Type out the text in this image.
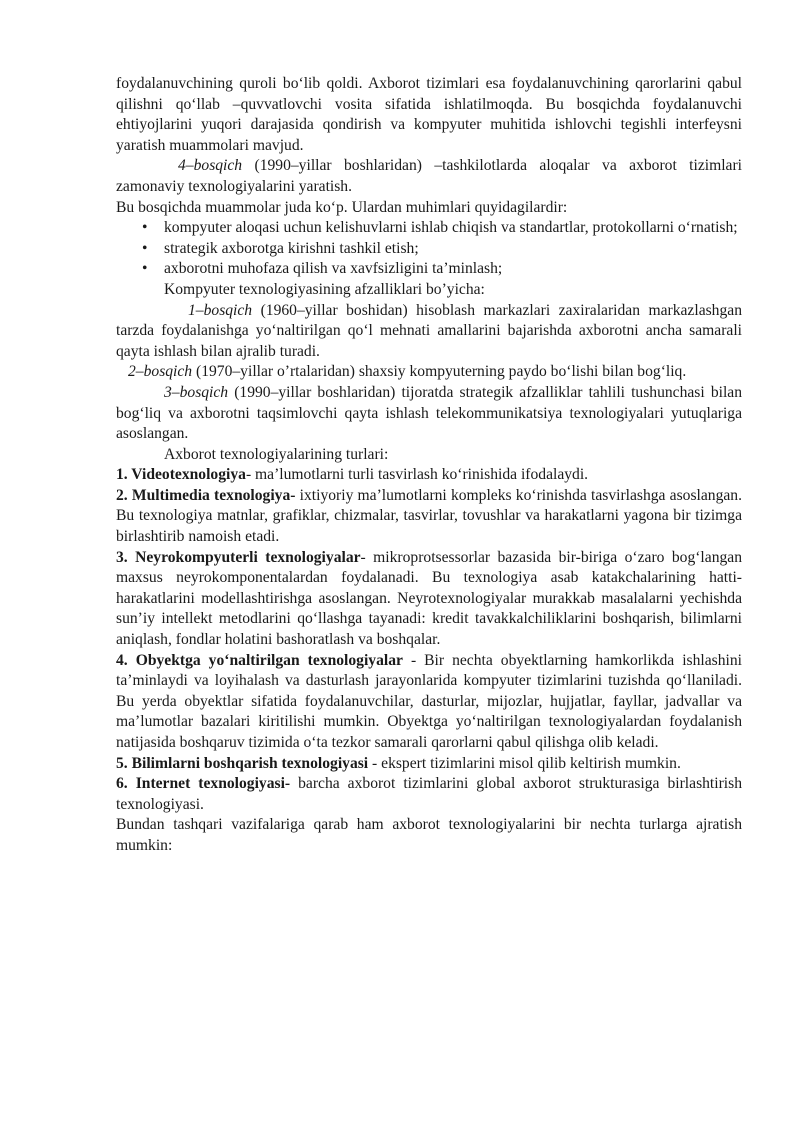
foydalanuvchining quroli bo‘lib qoldi. Axborot tizimlari esa foydalanuvchining qarorlarini qabul qilishni qo‘llab –quvvatlovchi vosita sifatida ishlatilmoqda. Bu bosqichda foydalanuvchi ehtiyojlarini yuqori darajasida qondirish va kompyuter muhitida ishlovchi tegishli interfeysni yaratish muammolari mavjud.

4–bosqich (1990–yillar boshlaridan) –tashkilotlarda aloqalar va axborot tizimlari zamonaviy texnologiyalarini yaratish.

Bu bosqichda muammolar juda ko‘p. Ulardan muhimlari quyidagilardir:

• kompyuter aloqasi uchun kelishuvlarni ishlab chiqish va standartlar, protokollarni o‘rnatish;
• strategik axborotga kirishni tashkil etish;
• axborotni muhofaza qilish va xavfsizligini ta’minlash;

Kompyuter texnologiyasining afzalliklari bo’yicha:

1–bosqich (1960–yillar boshidan) hisoblash markazlari zaxiralaridan markazlashgan tarzda foydalanishga yo‘naltirilgan qo‘l mehnati amallarini bajarishda axborotni ancha samarali qayta ishlash bilan ajralib turadi.

2–bosqich (1970–yillar o’rtalaridan) shaxsiy kompyuterning paydo bo‘lishi bilan bog‘liq.

3–bosqich (1990–yillar boshlaridan) tijoratda strategik afzalliklar tahlili tushunchasi bilan bog‘liq va axborotni taqsimlovchi qayta ishlash telekommunikatsiya texnologiyalari yutuqlariga asoslangan.

Axborot texnologiyalarining turlari:

1. Videotexnologiya- ma’lumotlarni turli tasvirlash ko‘rinishida ifodalaydi.

2. Multimedia texnologiya- ixtiyoriy ma’lumotlarni kompleks ko‘rinishda tasvirlashga asoslangan. Bu texnologiya matnlar, grafiklar, chizmalar, tasvirlar, tovushlar va harakatlarni yagona bir tizimga birlashtirib namoish etadi.

3. Neyrokompyuterli texnologiyalar- mikroprotsessorlar bazasida bir-biriga o‘zaro bog‘langan maxsus neyrokomponentalardan foydalanadi. Bu texnologiya asab katakchalarining hatti-harakatlarini modellashtirishga asoslangan. Neyrotexnologiyalar murakkab masalalarni yechishda sun’iy intellekt metodlarini qo‘llashga tayanadi: kredit tavakkalchiliklarini boshqarish, bilimlarni aniqlash, fondlar holatini bashoratlash va boshqalar.

4. Obyektga yo‘naltirilgan texnologiyalar - Bir nechta obyektlarning hamkorlikda ishlashini ta’minlaydi va loyihalash va dasturlash jarayonlarida kompyuter tizimlarini tuzishda qo‘llaniladi. Bu yerda obyektlar sifatida foydalanuvchilar, dasturlar, mijozlar, hujjatlar, fayllar, jadvallar va ma’lumotlar bazalari kiritilishi mumkin. Obyektga yo‘naltirilgan texnologiyalardan foydalanish natijasida boshqaruv tizimida o‘ta tezkor samarali qarorlarni qabul qilishga olib keladi.

5. Bilimlarni boshqarish texnologiyasi - ekspert tizimlarini misol qilib keltirish mumkin.

6. Internet texnologiyasi- barcha axborot tizimlarini global axborot strukturasiga birlashtirish texnologiyasi.

Bundan tashqari vazifalariga qarab ham axborot texnologiyalarini bir nechta turlarga ajratish mumkin:
